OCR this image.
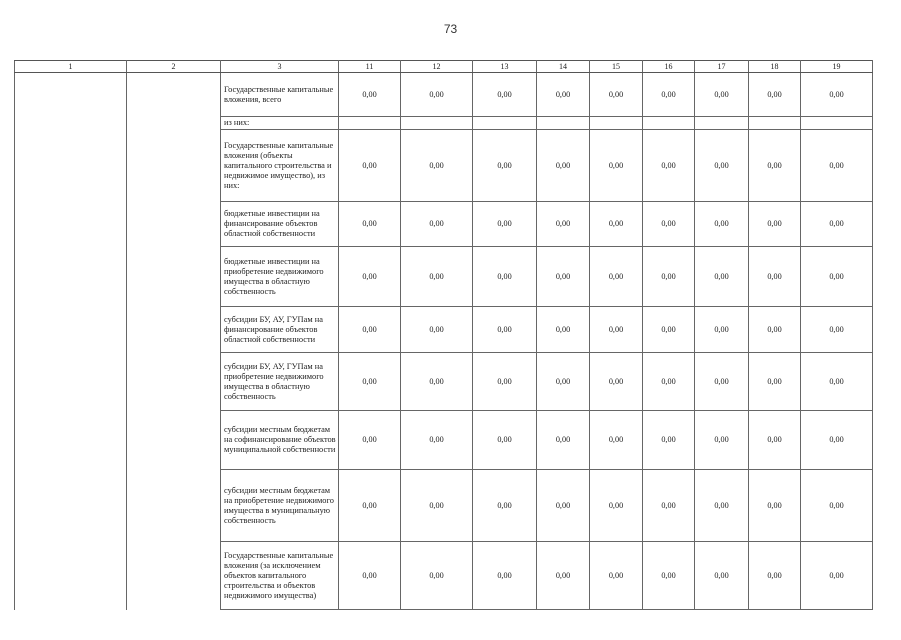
73
1	2	3	11	12	13	14	15	16	17	18	19
		Государственные капитальные вложения, всего	0,00	0,00	0,00	0,00	0,00	0,00	0,00	0,00	0,00
		из них:									
		Государственные капитальные вложения (объекты капитального строительства и недвижимое имущество), из них:	0,00	0,00	0,00	0,00	0,00	0,00	0,00	0,00	0,00
		бюджетные инвестиции на финансирование объектов областной собственности	0,00	0,00	0,00	0,00	0,00	0,00	0,00	0,00	0,00
		бюджетные инвестиции на приобретение недвижимого имущества в областную собственность	0,00	0,00	0,00	0,00	0,00	0,00	0,00	0,00	0,00
		субсидии БУ, АУ, ГУПам на финансирование объектов областной собственности	0,00	0,00	0,00	0,00	0,00	0,00	0,00	0,00	0,00
		субсидии БУ, АУ, ГУПам на приобретение недвижимого имущества в областную собственность	0,00	0,00	0,00	0,00	0,00	0,00	0,00	0,00	0,00
		субсидии местным бюджетам на софинансирование объектов муниципальной собственности	0,00	0,00	0,00	0,00	0,00	0,00	0,00	0,00	0,00
		субсидии местным бюджетам на приобретение недвижимого имущества в муниципальную собственность	0,00	0,00	0,00	0,00	0,00	0,00	0,00	0,00	0,00
		Государственные капитальные вложения (за исключением объектов капитального строительства и объектов недвижимого имущества)	0,00	0,00	0,00	0,00	0,00	0,00	0,00	0,00	0,00
